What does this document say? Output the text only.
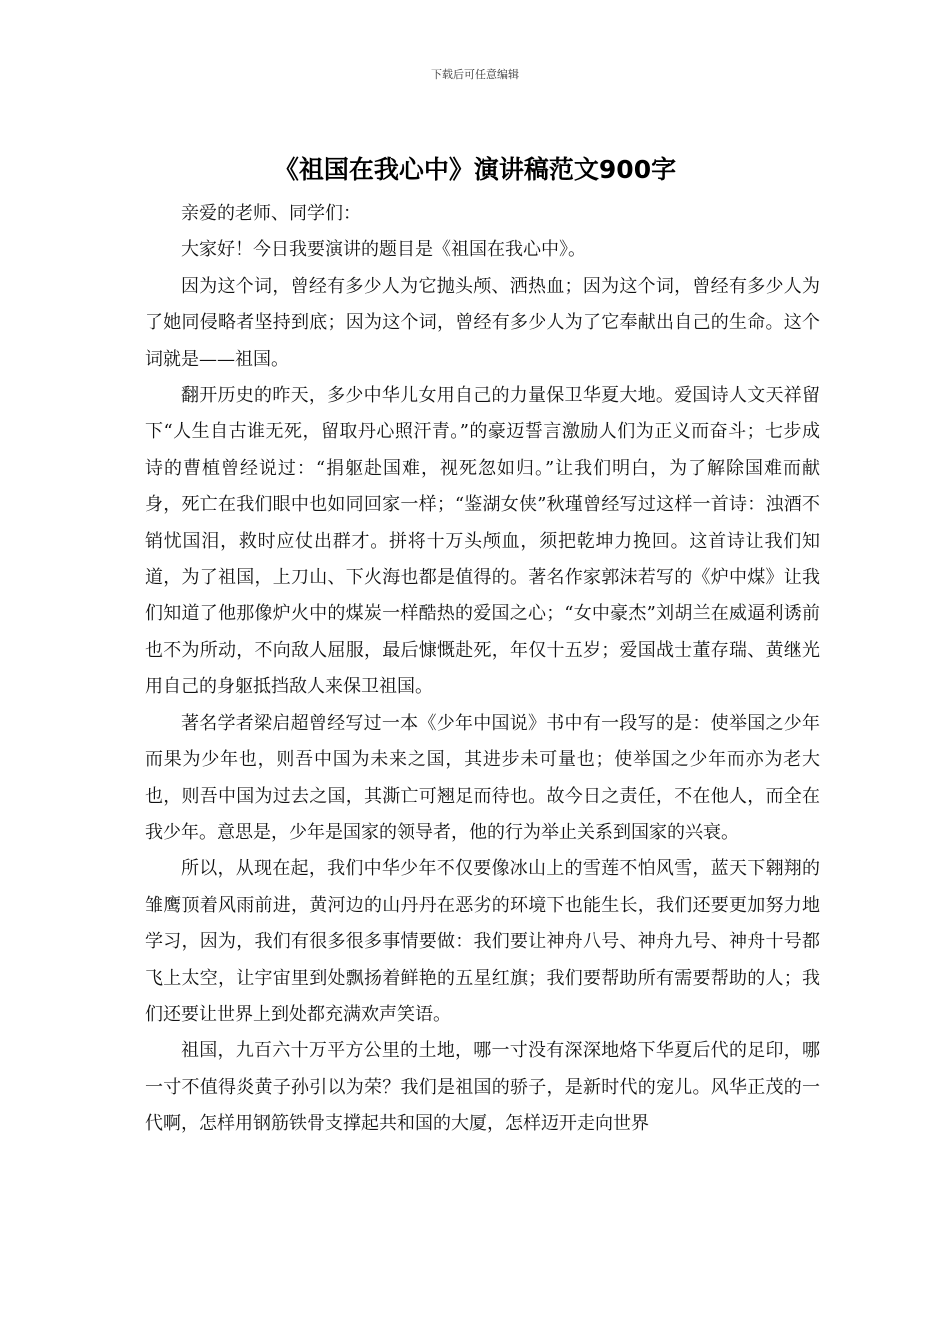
下载后可任意编辑
《祖国在我心中》演讲稿范文900字

亲爱的老师、同学们：

大家好！今日我要演讲的题目是《祖国在我心中》。

因为这个词，曾经有多少人为它抛头颅、洒热血；因为这个词，曾经有多少人为了她同侵略者坚持到底；因为这个词，曾经有多少人为了它奉献出自己的生命。这个词就是——祖国。

翻开历史的昨天，多少中华儿女用自己的力量保卫华夏大地。爱国诗人文天祥留下“人生自古谁无死，留取丹心照汗青。”的豪迈誓言激励人们为正义而奋斗；七步成诗的曹植曾经说过：“捐躯赴国难，视死忽如归。”让我们明白，为了解除国难而献身，死亡在我们眼中也如同回家一样；“鉴湖女侠”秋瑾曾经写过这样一首诗：浊酒不销忧国泪，救时应仗出群才。拼将十万头颅血，须把乾坤力挽回。这首诗让我们知道，为了祖国，上刀山、下火海也都是值得的。著名作家郭沫若写的《炉中煤》让我们知道了他那像炉火中的煤炭一样酷热的爱国之心；“女中豪杰”刘胡兰在威逼利诱前也不为所动，不向敌人屈服，最后慷慨赴死，年仅十五岁；爱国战士董存瑞、黄继光用自己的身躯抵挡敌人来保卫祖国。

著名学者梁启超曾经写过一本《少年中国说》书中有一段写的是：使举国之少年而果为少年也，则吾中国为未来之国，其进步未可量也；使举国之少年而亦为老大也，则吾中国为过去之国，其澌亡可翘足而待也。故今日之责任，不在他人，而全在我少年。意思是，少年是国家的领导者，他的行为举止关系到国家的兴衰。

所以，从现在起，我们中华少年不仅要像冰山上的雪莲不怕风雪，蓝天下翱翔的雏鹰顶着风雨前进，黄河边的山丹丹在恶劣的环境下也能生长，我们还要更加努力地学习，因为，我们有很多很多事情要做：我们要让神舟八号、神舟九号、神舟十号都飞上太空，让宇宙里到处飘扬着鲜艳的五星红旗；我们要帮助所有需要帮助的人；我们还要让世界上到处都充满欢声笑语。

祖国，九百六十万平方公里的土地，哪一寸没有深深地烙下华夏后代的足印，哪一寸不值得炎黄子孙引以为荣？我们是祖国的骄子，是新时代的宠儿。风华正茂的一代啊，怎样用钢筋铁骨支撑起共和国的大厦，怎样迈开走向世界
